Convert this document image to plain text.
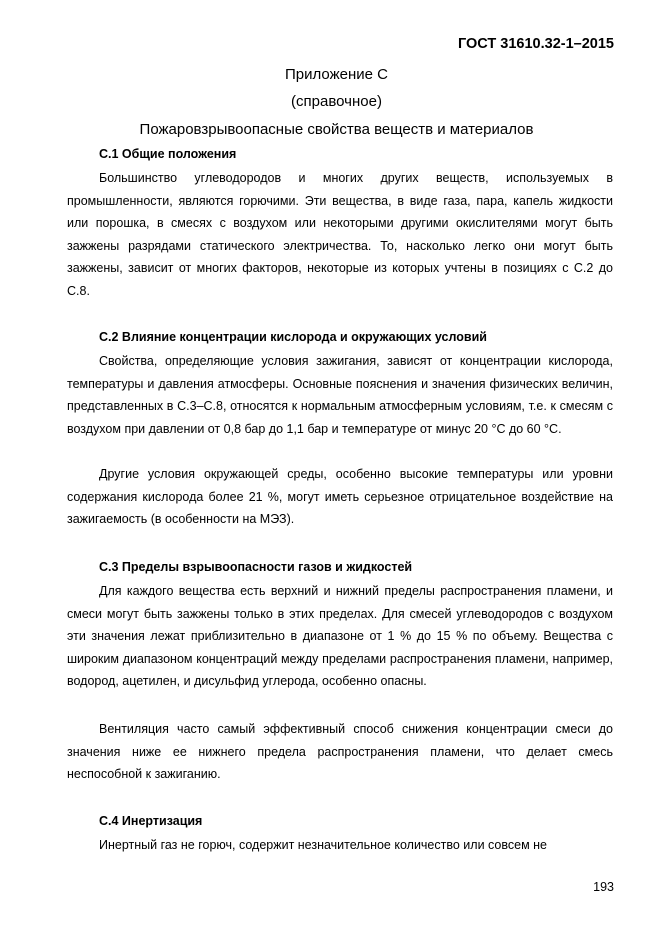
ГОСТ 31610.32-1–2015
Приложение С
(справочное)
Пожаровзрывоопасные свойства веществ и материалов
С.1 Общие положения

Большинство углеводородов и многих других веществ, используемых в промышленности, являются горючими. Эти вещества, в виде газа, пара, капель жидкости или порошка, в смесях с воздухом или некоторыми другими окислителями могут быть зажжены разрядами статического электричества. То, насколько легко они могут быть зажжены, зависит от многих факторов, некоторые из которых учтены в позициях с С.2 до С.8.

С.2 Влияние концентрации кислорода и окружающих условий

Свойства, определяющие условия зажигания, зависят от концентрации кислорода, температуры и давления атмосферы. Основные пояснения и значения физических величин, представленных в С.3–С.8, относятся к нормальным атмосферным условиям, т.е. к смесям с воздухом при давлении от 0,8 бар до 1,1 бар и температуре от минус 20 °С до 60 °С.

Другие условия окружающей среды, особенно высокие температуры или уровни содержания кислорода более 21 %, могут иметь серьезное отрицательное воздействие на зажигаемость (в особенности на МЭЗ).

С.3 Пределы взрывоопасности газов и жидкостей

Для каждого вещества есть верхний и нижний пределы распространения пламени, и смеси могут быть зажжены только в этих пределах. Для смесей углеводородов с воздухом эти значения лежат приблизительно в диапазоне от 1 % до 15 % по объему. Вещества с широким диапазоном концентраций между пределами распространения пламени, например, водород, ацетилен, и дисульфид углерода, особенно опасны.

Вентиляция часто самый эффективный способ снижения концентрации смеси до значения ниже ее нижнего предела распространения пламени, что делает смесь неспособной к зажиганию.

С.4 Инертизация

Инертный газ не горюч, содержит незначительное количество или совсем не

193
